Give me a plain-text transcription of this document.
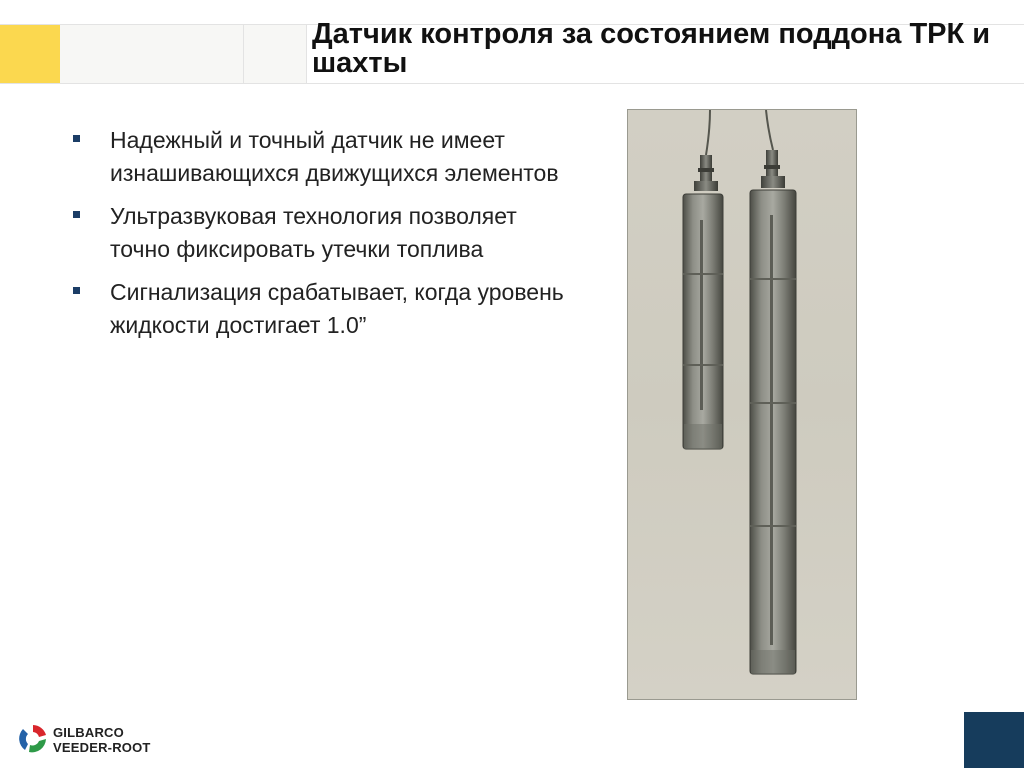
Датчик контроля за состоянием поддона ТРК и шахты
Надежный и точный датчик не имеет изнашивающихся движущихся элементов
Ультразвуковая технология позволяет точно фиксировать утечки топлива
Сигнализация срабатывает, когда уровень жидкости достигает 1.0”
GILBARCO
VEEDER-ROOT
